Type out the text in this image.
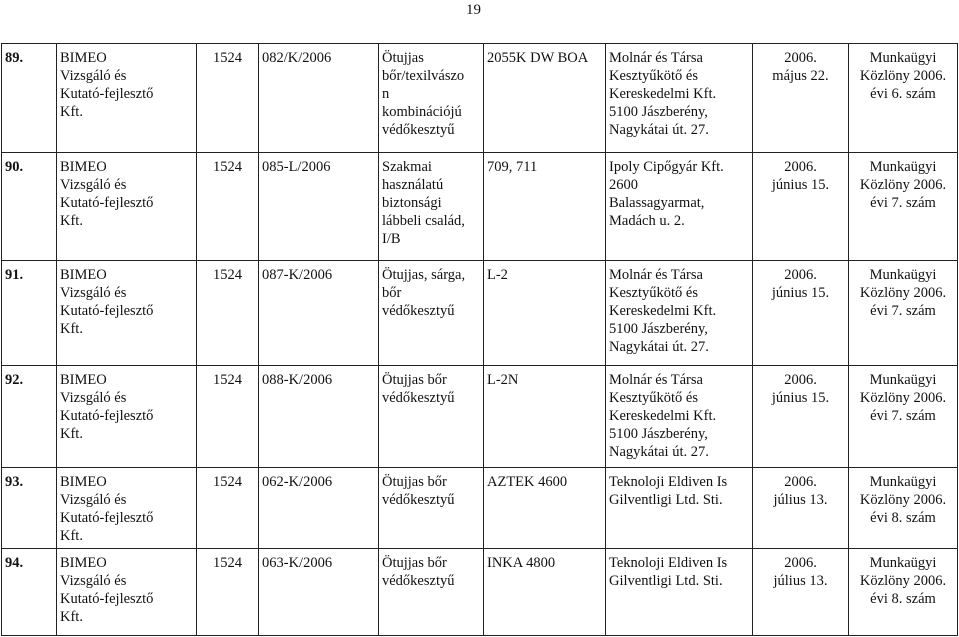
19
89.	BIMEO
Vizsgáló és
Kutató-fejlesztő
Kft.	1524	082/K/2006	Ötujjas
bőr/texilvászo
n
kombinációjú
védőkesztyű	2055K DW BOA	Molnár és Társa
Kesztyűkötő és
Kereskedelmi Kft.
5100 Jászberény,
Nagykátai út. 27.	2006.
május 22.	Munkaügyi
Közlöny 2006.
évi 6. szám
90.	BIMEO
Vizsgáló és
Kutató-fejlesztő
Kft.	1524	085-L/2006	Szakmai
használatú
biztonsági
lábbeli család,
I/B	709, 711	Ipoly Cipőgyár Kft.
2600
Balassagyarmat,
Madách u. 2.	2006.
június 15.	Munkaügyi
Közlöny 2006.
évi 7. szám
91.	BIMEO
Vizsgáló és
Kutató-fejlesztő
Kft.	1524	087-K/2006	Ötujjas, sárga,
bőr
védőkesztyű	L-2	Molnár és Társa
Kesztyűkötő és
Kereskedelmi Kft.
5100 Jászberény,
Nagykátai út. 27.	2006.
június 15.	Munkaügyi
Közlöny 2006.
évi 7. szám
92.	BIMEO
Vizsgáló és
Kutató-fejlesztő
Kft.	1524	088-K/2006	Ötujjas bőr
védőkesztyű	L-2N	Molnár és Társa
Kesztyűkötő és
Kereskedelmi Kft.
5100 Jászberény,
Nagykátai út. 27.	2006.
június 15.	Munkaügyi
Közlöny 2006.
évi 7. szám
93.	BIMEO
Vizsgáló és
Kutató-fejlesztő
Kft.	1524	062-K/2006	Ötujjas bőr
védőkesztyű	AZTEK 4600	Teknoloji Eldiven Is
Gilventligi Ltd. Sti.	2006.
július 13.	Munkaügyi
Közlöny 2006.
évi 8. szám
94.	BIMEO
Vizsgáló és
Kutató-fejlesztő
Kft.	1524	063-K/2006	Ötujjas bőr
védőkesztyű	INKA 4800	Teknoloji Eldiven Is
Gilventligi Ltd. Sti.	2006.
július 13.	Munkaügyi
Közlöny 2006.
évi 8. szám
